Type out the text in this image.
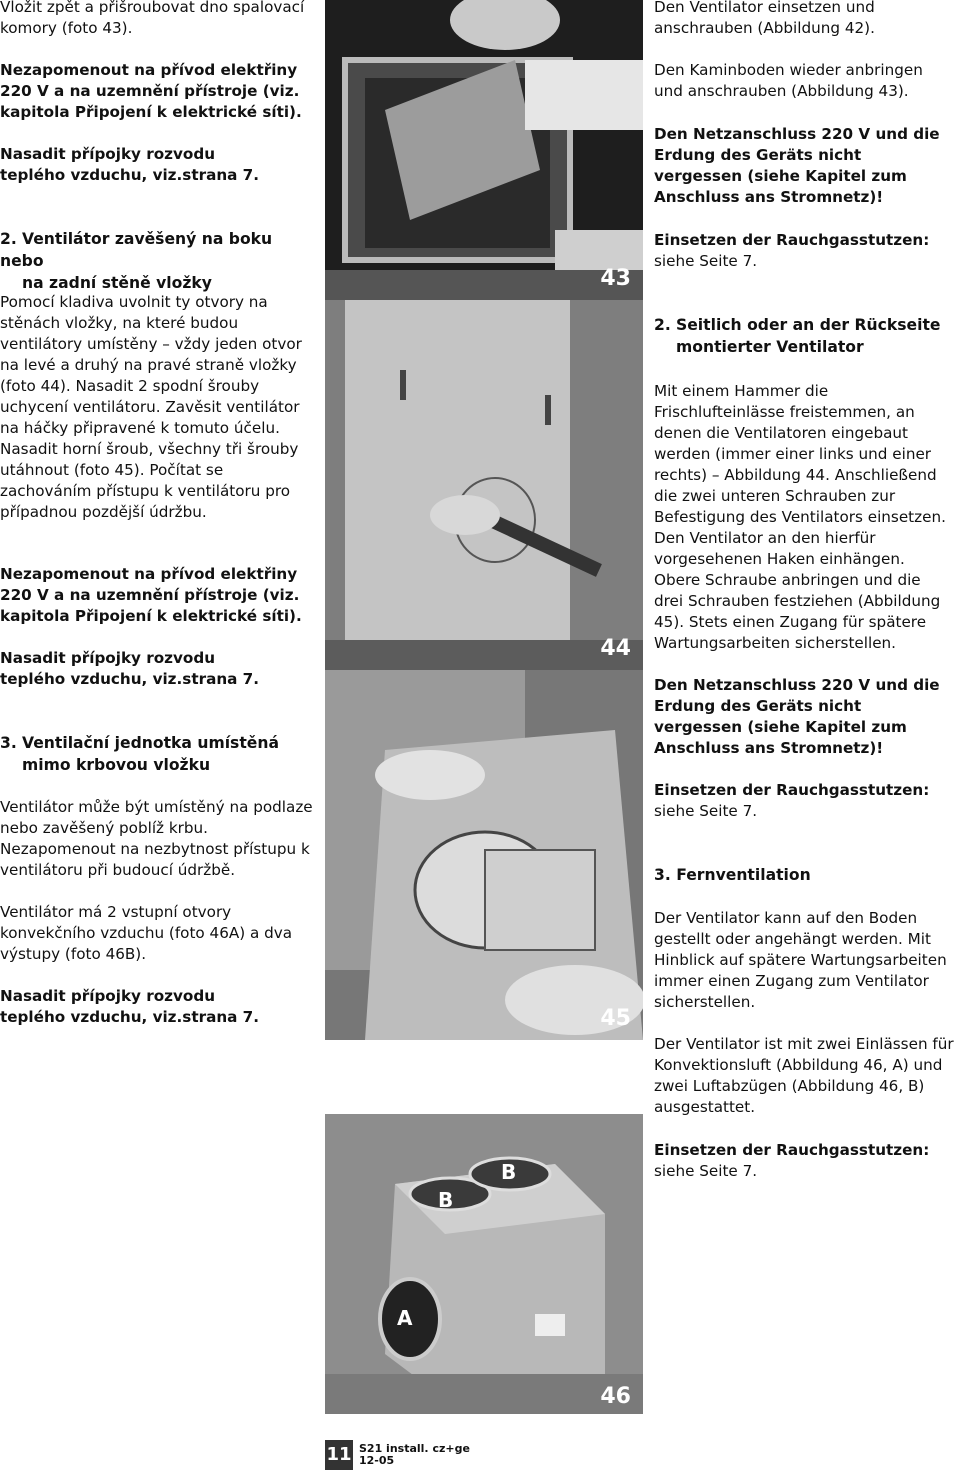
Vložit zpět a přišroubovat dno spalovací komory (foto 43).

Nezapomenout na přívod elektřiny 220 V a na uzemnění přístroje (viz. kapitola Připojení k elektrické síti).

Nasadit přípojky rozvodu teplého vzduchu, viz.strana 7.

2. Ventilátor zavěšený na boku nebo
na zadní stěně vložky

Pomocí kladiva uvolnit ty otvory na stěnách vložky, na které budou ventilátory umístěny – vždy jeden otvor na levé a druhý na pravé straně vložky (foto 44). Nasadit 2 spodní šrouby uchycení ventilátoru. Zavěsit ventilátor na háčky připravené k tomuto účelu. Nasadit horní šroub, všechny tři šrouby utáhnout (foto 45). Počítat se zachováním přístupu k ventilátoru pro případnou pozdější údržbu.

Nezapomenout na přívod elektřiny 220 V a na uzemnění přístroje (viz. kapitola Připojení k elektrické síti).

Nasadit přípojky rozvodu teplého vzduchu, viz.strana 7.

3. Ventilační jednotka umístěná
mimo krbovou vložku

Ventilátor může být umístěný na podlaze nebo zavěšený poblíž krbu. Nezapomenout na nezbytnost přístupu k ventilátoru při budoucí údržbě.

Ventilátor má 2 vstupní otvory konvekčního vzduchu (foto 46A) a dva výstupy (foto 46B).

Nasadit přípojky rozvodu teplého vzduchu, viz.strana 7.

43
44
45
B
B
A
46

Den Ventilator einsetzen und anschrauben (Abbildung 42).

Den Kaminboden wieder anbringen und anschrauben (Abbildung 43).

Den Netzanschluss 220 V und die Erdung des Geräts nicht vergessen (siehe Kapitel zum Anschluss ans Stromnetz)!

Einsetzen der Rauchgasstutzen:
siehe Seite 7.

2. Seitlich oder an der Rückseite
montierter Ventilator

Mit einem Hammer die Frischlufteinlässe freistemmen, an denen die Ventilatoren eingebaut werden (immer einer links und einer rechts) – Abbildung 44. Anschließend die zwei unteren Schrauben zur Befestigung des Ventilators einsetzen. Den Ventilator an den hierfür vorgesehenen Haken einhängen.

Obere Schraube anbringen und die drei Schrauben festziehen (Abbildung 45). Stets einen Zugang für spätere Wartungsarbeiten sicherstellen.

Den Netzanschluss 220 V und die Erdung des Geräts nicht vergessen (siehe Kapitel zum Anschluss ans Stromnetz)!

Einsetzen der Rauchgasstutzen:
siehe Seite 7.

3. Fernventilation

Der Ventilator kann auf den Boden gestellt oder angehängt werden. Mit Hinblick auf spätere Wartungsarbeiten immer einen Zugang zum Ventilator sicherstellen.

Der Ventilator ist mit zwei Einlässen für Konvektionsluft (Abbildung 46, A) und zwei Luftabzügen (Abbildung 46, B) ausgestattet.

Einsetzen der Rauchgasstutzen:
siehe Seite 7.

11 S21 install. cz+ge
12-05
